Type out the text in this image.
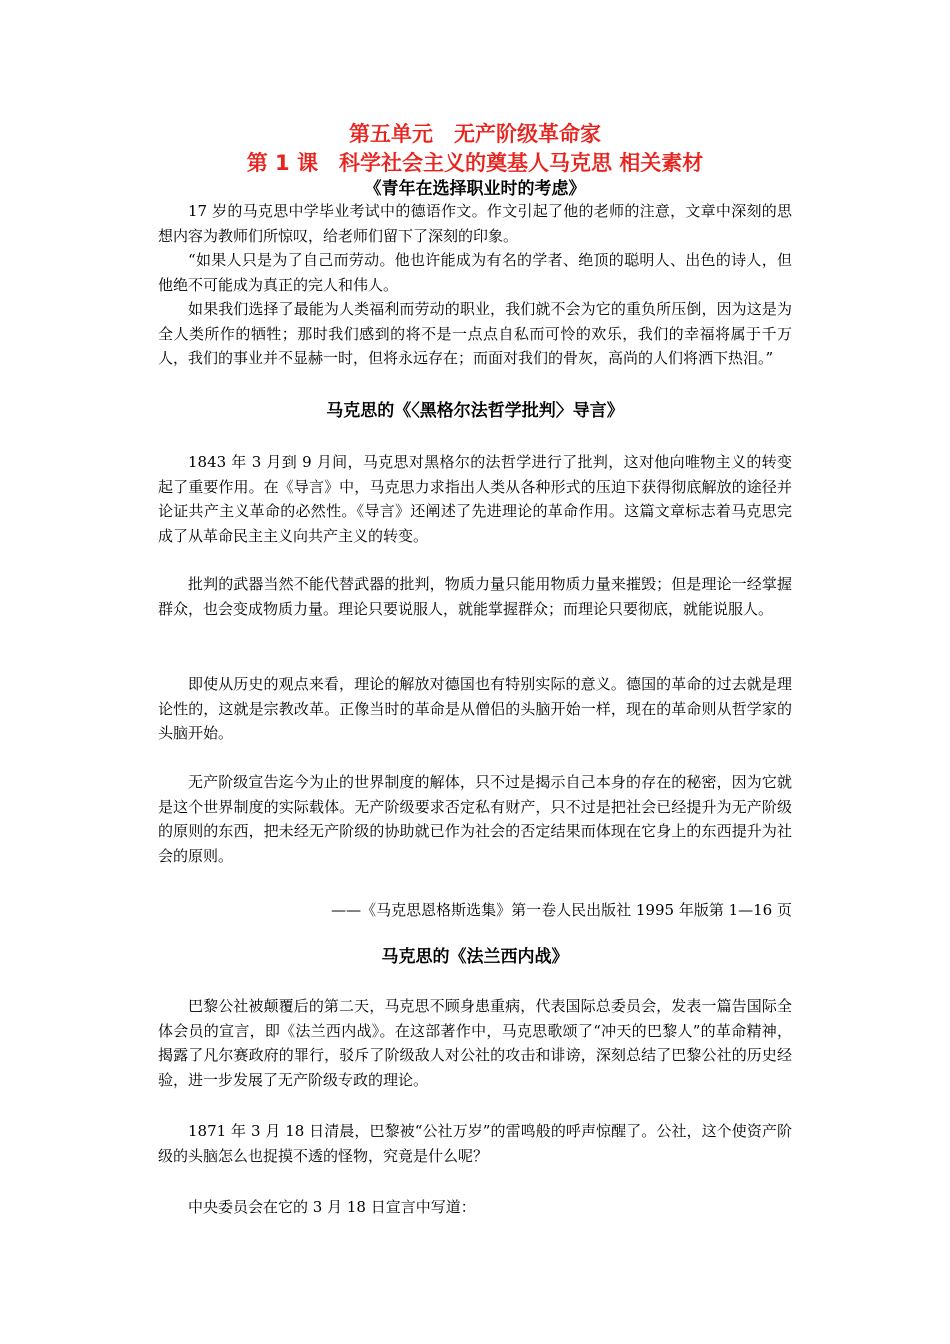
第五单元　无产阶级革命家
第 1 课　科学社会主义的奠基人马克思 相关素材
《青年在选择职业时的考虑》

17 岁的马克思中学毕业考试中的德语作文。作文引起了他的老师的注意，文章中深刻的思想内容为教师们所惊叹，给老师们留下了深刻的印象。

“如果人只是为了自己而劳动。他也许能成为有名的学者、绝顶的聪明人、出色的诗人，但他绝不可能成为真正的完人和伟人。

如果我们选择了最能为人类福利而劳动的职业，我们就不会为它的重负所压倒，因为这是为全人类所作的牺牲；那时我们感到的将不是一点点自私而可怜的欢乐，我们的幸福将属于千万人，我们的事业并不显赫一时，但将永远存在；而面对我们的骨灰，高尚的人们将洒下热泪。”

马克思的《〈黑格尔法哲学批判〉导言》

1843 年 3 月到 9 月间，马克思对黑格尔的法哲学进行了批判，这对他向唯物主义的转变起了重要作用。在《导言》中，马克思力求指出人类从各种形式的压迫下获得彻底解放的途径并论证共产主义革命的必然性。《导言》还阐述了先进理论的革命作用。这篇文章标志着马克思完成了从革命民主主义向共产主义的转变。

批判的武器当然不能代替武器的批判，物质力量只能用物质力量来摧毁；但是理论一经掌握群众，也会变成物质力量。理论只要说服人，就能掌握群众；而理论只要彻底，就能说服人。

即使从历史的观点来看，理论的解放对德国也有特别实际的意义。德国的革命的过去就是理论性的，这就是宗教改革。正像当时的革命是从僧侣的头脑开始一样，现在的革命则从哲学家的头脑开始。

无产阶级宣告迄今为止的世界制度的解体，只不过是揭示自己本身的存在的秘密，因为它就是这个世界制度的实际载体。无产阶级要求否定私有财产，只不过是把社会已经提升为无产阶级的原则的东西，把未经无产阶级的协助就已作为社会的否定结果而体现在它身上的东西提升为社会的原则。

——《马克思恩格斯选集》第一卷人民出版社 1995 年版第 1—16 页
马克思的《法兰西内战》

巴黎公社被颠覆后的第二天，马克思不顾身患重病，代表国际总委员会，发表一篇告国际全体会员的宣言，即《法兰西内战》。在这部著作中，马克思歌颂了“冲天的巴黎人”的革命精神，揭露了凡尔赛政府的罪行，驳斥了阶级敌人对公社的攻击和诽谤，深刻总结了巴黎公社的历史经验，进一步发展了无产阶级专政的理论。

1871 年 3 月 18 日清晨，巴黎被“公社万岁”的雷鸣般的呼声惊醒了。公社，这个使资产阶级的头脑怎么也捉摸不透的怪物，究竟是什么呢？

中央委员会在它的 3 月 18 日宣言中写道：
